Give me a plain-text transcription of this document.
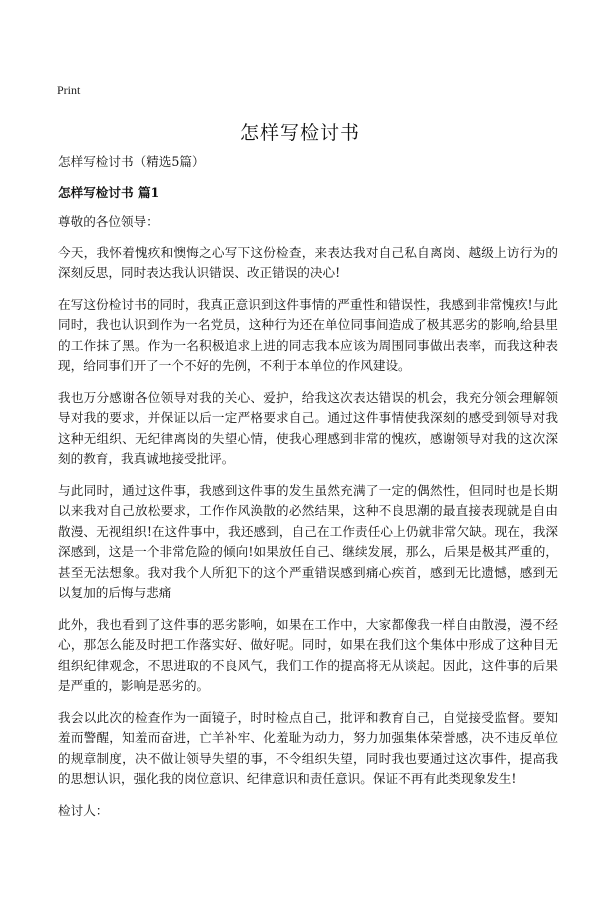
Print
怎样写检讨书

怎样写检讨书（精选5篇）

怎样写检讨书 篇1

尊敬的各位领导：

今天，我怀着愧疚和懊悔之心写下这份检查，来表达我对自己私自离岗、越级上访行为的深刻反思，同时表达我认识错误、改正错误的决心!

在写这份检讨书的同时，我真正意识到这件事情的严重性和错误性，我感到非常愧疚!与此同时，我也认识到作为一名党员，这种行为还在单位同事间造成了极其恶劣的影响,给县里的工作抹了黑。作为一名积极追求上进的同志我本应该为周围同事做出表率，而我这种表现，给同事们开了一个不好的先例，不利于本单位的作风建设。

我也万分感谢各位领导对我的关心、爱护，给我这次表达错误的机会，我充分领会理解领导对我的要求，并保证以后一定严格要求自己。通过这件事情使我深刻的感受到领导对我这种无组织、无纪律离岗的失望心情，使我心理感到非常的愧疚，感谢领导对我的这次深刻的教育，我真诚地接受批评。

与此同时，通过这件事，我感到这件事的发生虽然充满了一定的偶然性，但同时也是长期以来我对自己放松要求，工作作风涣散的必然结果，这种不良思潮的最直接表现就是自由散漫、无视组织!在这件事中，我还感到，自己在工作责任心上仍就非常欠缺。现在，我深深感到，这是一个非常危险的倾向!如果放任自己、继续发展，那么，后果是极其严重的，甚至无法想象。我对我个人所犯下的这个严重错误感到痛心疾首，感到无比遗憾，感到无以复加的后悔与悲痛

此外，我也看到了这件事的恶劣影响，如果在工作中，大家都像我一样自由散漫，漫不经心，那怎么能及时把工作落实好、做好呢。同时，如果在我们这个集体中形成了这种目无组织纪律观念，不思进取的不良风气，我们工作的提高将无从谈起。因此，这件事的后果是严重的，影响是恶劣的。

我会以此次的检查作为一面镜子，时时检点自己，批评和教育自己，自觉接受监督。要知羞而警醒，知羞而奋进，亡羊补牢、化羞耻为动力，努力加强集体荣誉感，决不违反单位的规章制度，决不做让领导失望的事，不令组织失望，同时我也要通过这次事件，提高我的思想认识，强化我的岗位意识、纪律意识和责任意识。保证不再有此类现象发生!

检讨人：
